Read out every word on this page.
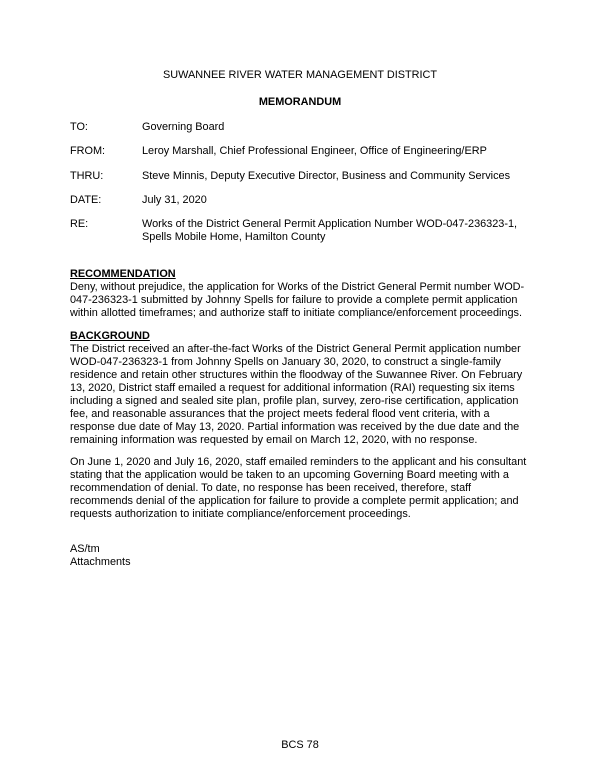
SUWANNEE RIVER WATER MANAGEMENT DISTRICT
MEMORANDUM
TO:	Governing Board
FROM:	Leroy Marshall, Chief Professional Engineer, Office of Engineering/ERP
THRU:	Steve Minnis, Deputy Executive Director, Business and Community Services
DATE:	July 31, 2020
RE:	Works of the District General Permit Application Number WOD-047-236323-1,
Spells Mobile Home, Hamilton County
RECOMMENDATION
Deny, without prejudice, the application for Works of the District General Permit number WOD-
047-236323-1 submitted by Johnny Spells for failure to provide a complete permit application
within allotted timeframes; and authorize staff to initiate compliance/enforcement proceedings.
BACKGROUND
The District received an after-the-fact Works of the District General Permit application number
WOD-047-236323-1 from Johnny Spells on January 30, 2020, to construct a single-family
residence and retain other structures within the floodway of the Suwannee River. On February
13, 2020, District staff emailed a request for additional information (RAI) requesting six items
including a signed and sealed site plan, profile plan, survey, zero-rise certification, application
fee, and reasonable assurances that the project meets federal flood vent criteria, with a
response due date of May 13, 2020. Partial information was received by the due date and the
remaining information was requested by email on March 12, 2020, with no response.
On June 1, 2020 and July 16, 2020, staff emailed reminders to the applicant and his consultant
stating that the application would be taken to an upcoming Governing Board meeting with a
recommendation of denial. To date, no response has been received, therefore, staff
recommends denial of the application for failure to provide a complete permit application; and
requests authorization to initiate compliance/enforcement proceedings.
AS/tm
Attachments
BCS 78
